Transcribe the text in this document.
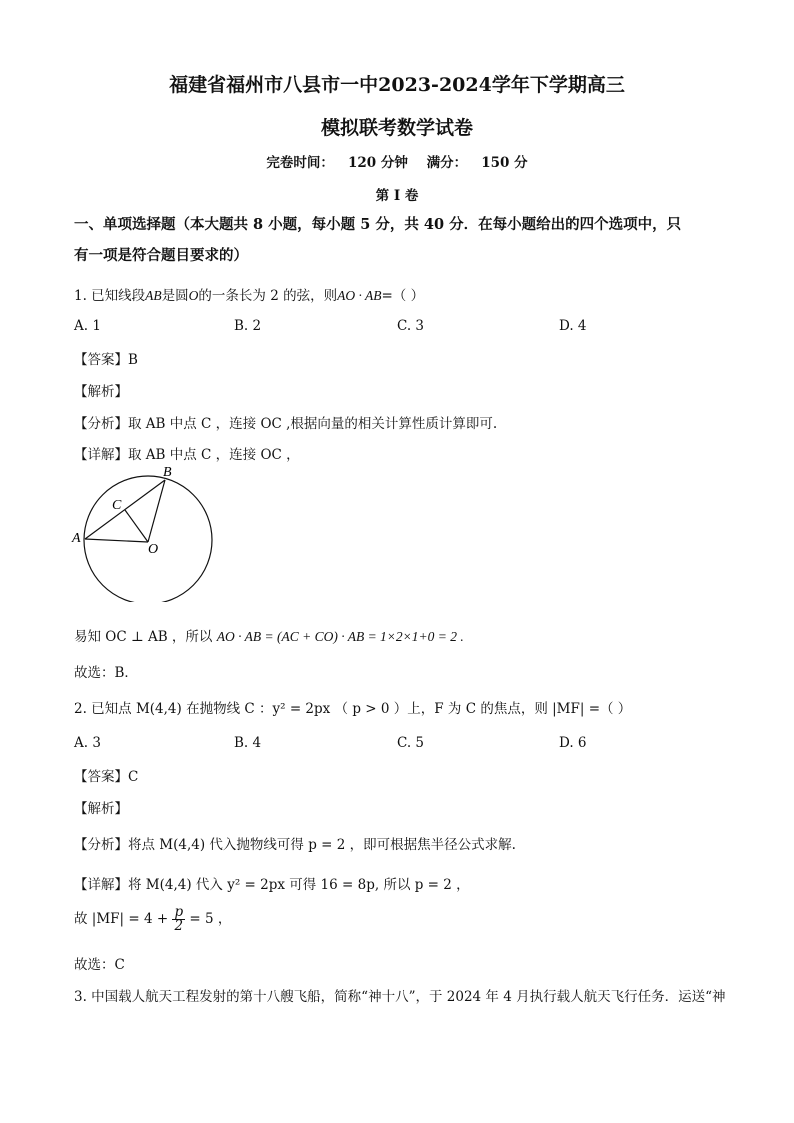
福建省福州市八县市一中2023-2024学年下学期高三
模拟联考数学试卷
完卷时间：   120 分钟    满分：   150 分
第 I 卷
一、单项选择题（本大题共 8 小题，每小题 5 分，共 40 分．在每小题给出的四个选项中，只
有一项是符合题目要求的）
1. 已知线段AB是圆O的一条长为 2 的弦，则AO · AB=（ ）
A. 1	B. 2	C. 3	D. 4
【答案】B
【解析】
【分析】取 AB 中点 C ，连接 OC ,根据向量的相关计算性质计算即可.
【详解】取 AB 中点 C ，连接 OC ，
A
B
C
O
易知 OC ⊥ AB ，所以 AO · AB = (AC + CO) · AB = 1×2×1+0 = 2 .
故选：B．
2. 已知点 M(4,4) 在抛物线 C ：y² = 2px （ p > 0 ）上，F 为 C 的焦点，则 |MF| =（ ）
A. 3	B. 4	C. 5	D. 6
【答案】C
【解析】
【分析】将点 M(4,4) 代入抛物线可得 p = 2 ，即可根据焦半径公式求解.
【详解】将 M(4,4) 代入 y² = 2px 可得 16 = 8p, 所以 p = 2 ，
故 $|MF| = 4 + \frac{p}{2} = 5$ ，
故选：C
3. 中国载人航天工程发射的第十八艘飞船，简称“神十八”，于 2024 年 4 月执行载人航天飞行任务．运送“神
